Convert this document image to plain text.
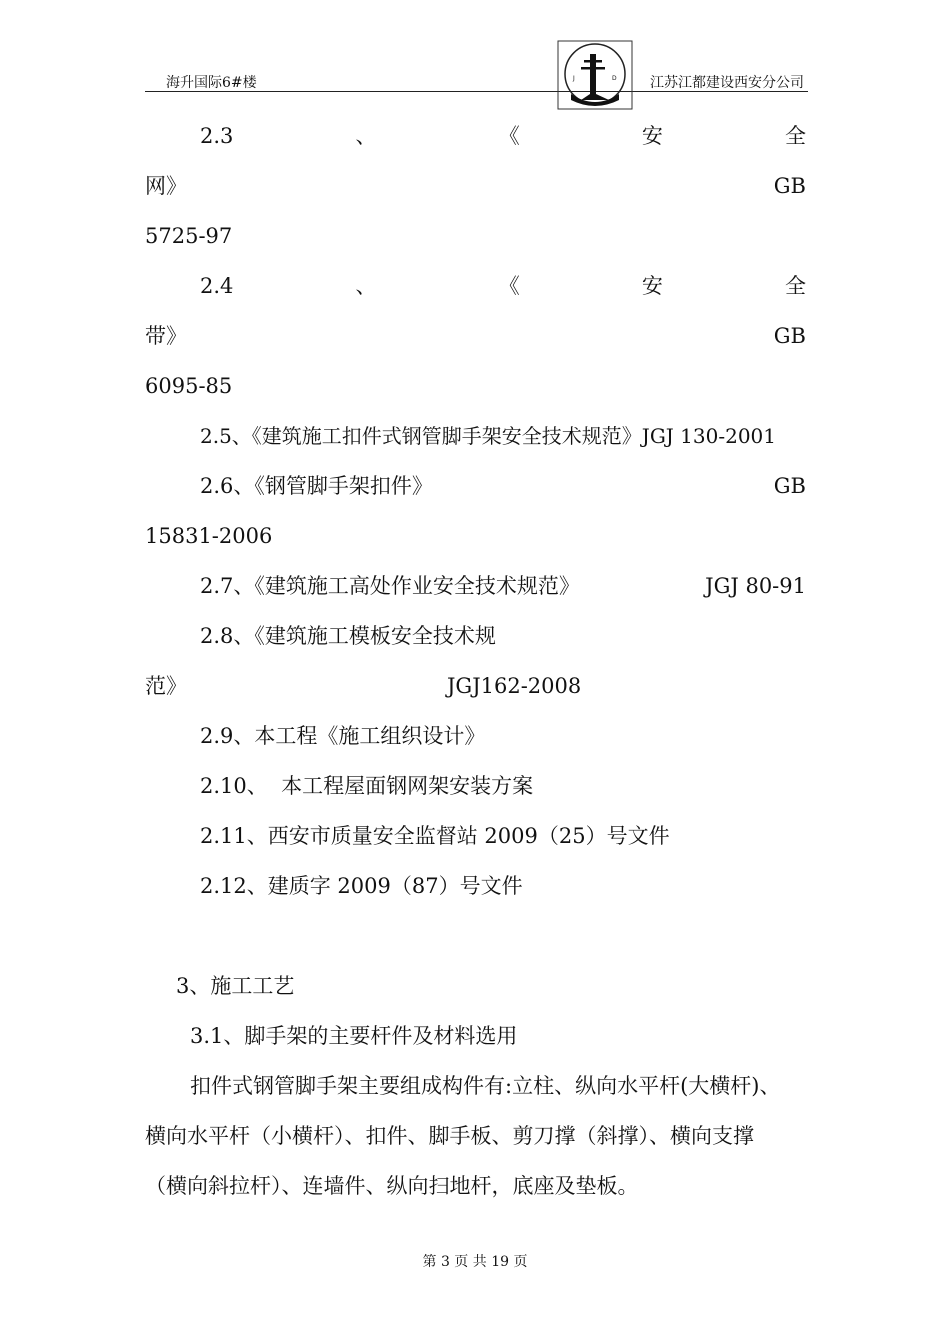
海升国际6#楼	江苏江都建设西安分公司
J	D
2.3	、	《	安	全
网》	GB
5725-97
2.4	、	《	安	全
带》	GB
6095-85
2.5、《建筑施工扣件式钢管脚手架安全技术规范》JGJ 130-2001
2.6、《钢管脚手架扣件》	GB
15831-2006
2.7、《建筑施工高处作业安全技术规范》	JGJ 80-91
2.8、《建筑施工模板安全技术规
范》	JGJ162-2008
2.9、本工程《施工组织设计》
2.10、  本工程屋面钢网架安装方案
2.11、西安市质量安全监督站 2009（25）号文件
2.12、建质字 2009（87）号文件
3、施工工艺
3.1、脚手架的主要杆件及材料选用
扣件式钢管脚手架主要组成构件有:立柱、纵向水平杆(大横杆)、
横向水平杆（小横杆）、扣件、脚手板、剪刀撑（斜撑）、横向支撑
（横向斜拉杆）、连墙件、纵向扫地杆，底座及垫板。
第 3 页 共 19 页
